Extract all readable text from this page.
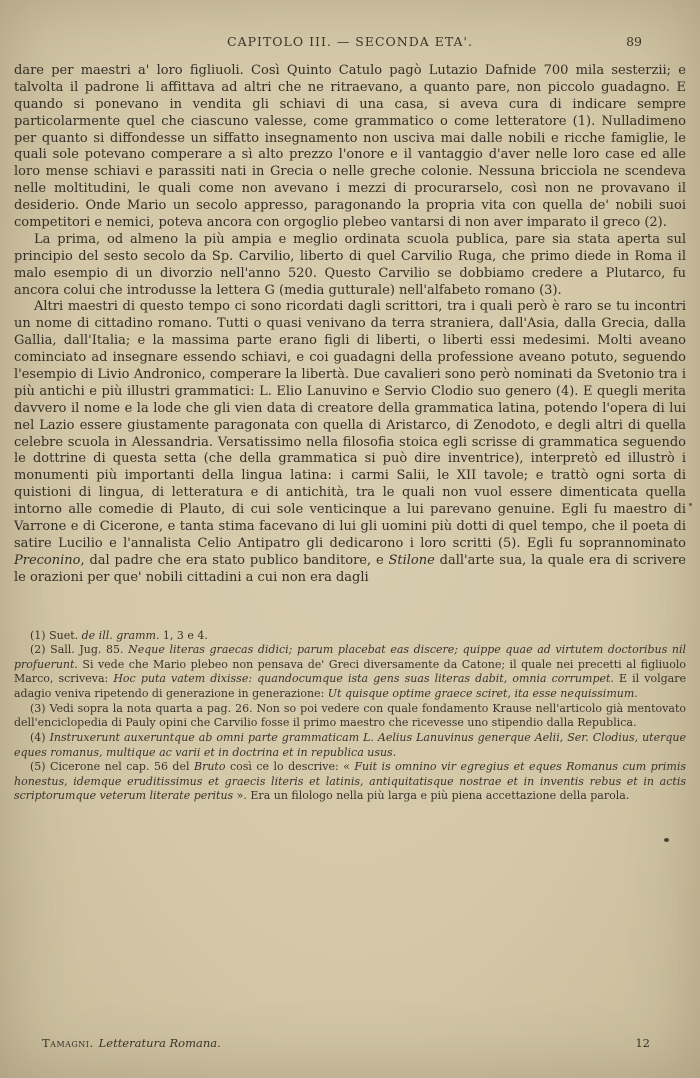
CAPITOLO III. — SECONDA ETA'.	89

dare per maestri a' loro figliuoli. Così Quinto Catulo pagò Lutazio Dafnide 700 mila sesterzii; e talvolta il padrone li affittava ad altri che ne ritraevano, a quanto pare, non piccolo guadagno. E quando si ponevano in vendita gli schiavi di una casa, si aveva cura di indicare sempre particolarmente quel che ciascuno valesse, come grammatico o come letteratore (1). Nulladimeno per quanto si diffondesse un siffatto insegnamento non usciva mai dalle nobili e ricche famiglie, le quali sole potevano comperare a sì alto prezzo l'onore e il vantaggio d'aver nelle loro case ed alle loro mense schiavi e parassiti nati in Grecia o nelle greche colonie. Nessuna bricciola ne scendeva nelle moltitudini, le quali come non avevano i mezzi di procurarselo, così non ne provavano il desiderio. Onde Mario un secolo appresso, paragonando la propria vita con quella de' nobili suoi competitori e nemici, poteva ancora con orgoglio plebeo vantarsi di non aver imparato il greco (2).

La prima, od almeno la più ampia e meglio ordinata scuola publica, pare sia stata aperta sul principio del sesto secolo da Sp. Carvilio, liberto di quel Carvilio Ruga, che primo diede in Roma il malo esempio di un divorzio nell'anno 520. Questo Carvilio se dobbiamo credere a Plutarco, fu ancora colui che introdusse la lettera G (media gutturale) nell'alfabeto romano (3).

Altri maestri di questo tempo ci sono ricordati dagli scrittori, tra i quali però è raro se tu incontri un nome di cittadino romano. Tutti o quasi venivano da terra straniera, dall'Asia, dalla Grecia, dalla Gallia, dall'Italia; e la massima parte erano figli di liberti, o liberti essi medesimi. Molti aveano cominciato ad insegnare essendo schiavi, e coi guadagni della professione aveano potuto, seguendo l'esempio di Livio Andronico, comperare la libertà. Due cavalieri sono però nominati da Svetonio tra i più antichi e più illustri grammatici: L. Elio Lanuvino e Servio Clodio suo genero (4). E quegli merita davvero il nome e la lode che gli vien data di creatore della grammatica latina, potendo l'opera di lui nel Lazio essere giustamente paragonata con quella di Aristarco, di Zenodoto, e degli altri di quella celebre scuola in Alessandria. Versatissimo nella filosofia stoica egli scrisse di grammatica seguendo le dottrine di questa setta (che della grammatica si può dire inventrice), interpretò ed illustrò i monumenti più importanti della lingua latina: i carmi Salii, le XII tavole; e trattò ogni sorta di quistioni di lingua, di letteratura e di antichità, tra le quali non vuol essere dimenticata quella intorno alle comedie di Plauto, di cui sole venticinque a lui parevano genuine. Egli fu maestro di Varrone e di Cicerone, e tanta stima facevano di lui gli uomini più dotti di quel tempo, che il poeta di satire Lucilio e l'annalista Celio Antipatro gli dedicarono i loro scritti (5). Egli fu soprannominato Preconino, dal padre che era stato publico banditore, e Stilone dall'arte sua, la quale era di scrivere le orazioni per que' nobili cittadini a cui non era dagli

(1) Suet. de ill. gramm. 1, 3 e 4.

(2) Sall. Jug. 85. Neque literas graecas didici; parum placebat eas discere; quippe quae ad virtutem doctoribus nil profuerunt. Si vede che Mario plebeo non pensava de' Greci diversamente da Catone; il quale nei precetti al figliuolo Marco, scriveva: Hoc puta vatem dixisse: quandocumque ista gens suas literas dabit, omnia corrumpet. E il volgare adagio veniva ripetendo di generazione in generazione: Ut quisque optime graece sciret, ita esse nequissimum.

(3) Vedi sopra la nota quarta a pag. 26. Non so poi vedere con quale fondamento Krause nell'articolo già mentovato dell'enciclopedia di Pauly opini che Carvilio fosse il primo maestro che ricevesse uno stipendio dalla Republica.

(4) Instruxerunt auxeruntque ab omni parte grammaticam L. Aelius Lanuvinus generque Aelii, Ser. Clodius, uterque eques romanus, multique ac varii et in doctrina et in republica usus.

(5) Cicerone nel cap. 56 del Bruto così ce lo descrive: « Fuit is omnino vir egregius et eques Romanus cum primis honestus, idemque eruditissimus et graecis literis et latinis, antiquitatisque nostrae et in inventis rebus et in actis scriptorumque veterum literate peritus ». Era un filologo nella più larga e più piena accettazione della parola.

Tamagni. Letteratura Romana.	12
